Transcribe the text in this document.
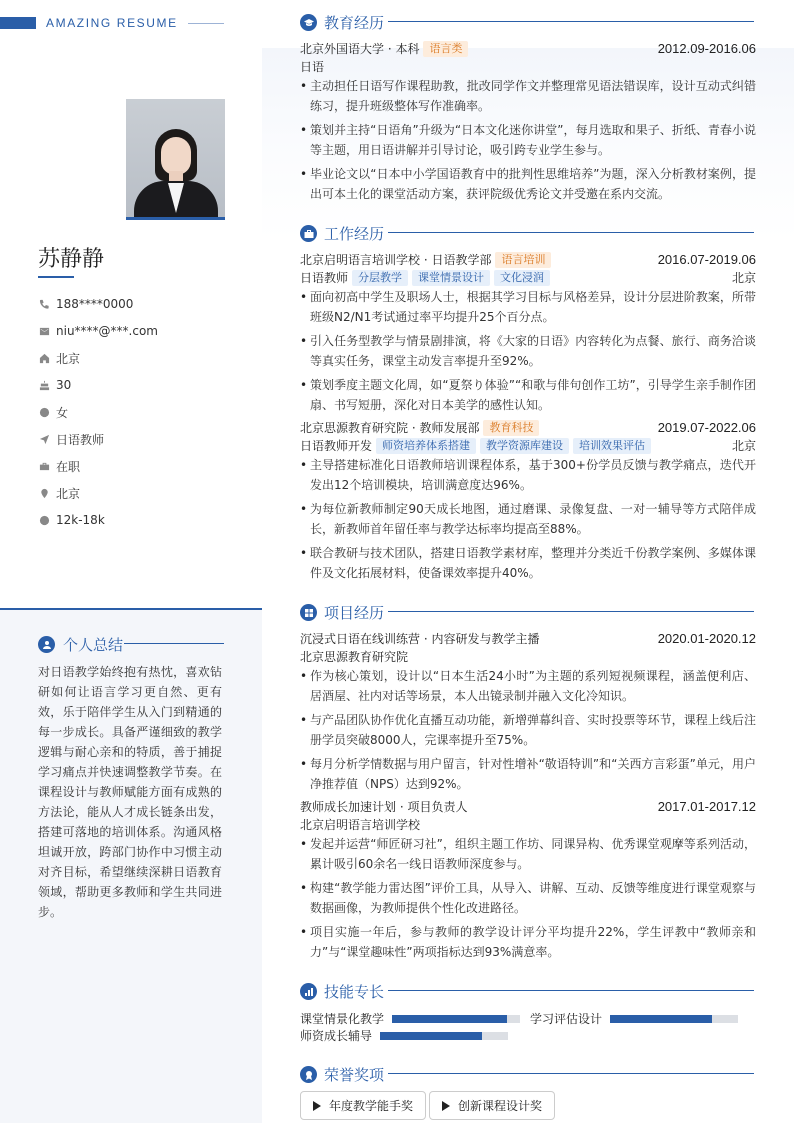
AMAZING RESUME
苏静静
188****0000
niu****@***.com
北京
30
女
日语教师
在职
北京
12k-18k
个人总结
对日语教学始终抱有热忱，喜欢钻研如何让语言学习更自然、更有效，乐于陪伴学生从入门到精通的每一步成长。具备严谨细致的教学逻辑与耐心亲和的特质，善于捕捉学习痛点并快速调整教学节奏。在课程设计与教师赋能方面有成熟的方法论，能从人才成长链条出发，搭建可落地的培训体系。沟通风格坦诚开放，跨部门协作中习惯主动对齐目标，希望继续深耕日语教育领域，帮助更多教师和学生共同进步。
教育经历
北京外国语大学 · 本科 语言类	2012.09-2016.06
日语
• 主动担任日语写作课程助教，批改同学作文并整理常见语法错误库，设计互动式纠错练习，提升班级整体写作准确率。
• 策划并主持“日语角”升级为“日本文化迷你讲堂”，每月选取和果子、折纸、青春小说等主题，用日语讲解并引导讨论，吸引跨专业学生参与。
• 毕业论文以“日本中小学国语教育中的批判性思维培养”为题，深入分析教材案例，提出可本土化的课堂活动方案，获评院级优秀论文并受邀在系内交流。
工作经历
北京启明语言培训学校 · 日语教学部 语言培训	2016.07-2019.06
日语教师 分层教学	课堂情景设计	文化浸润	北京
• 面向初高中学生及职场人士，根据其学习目标与风格差异，设计分层进阶教案，所带班级N2/N1考试通过率平均提升25个百分点。
• 引入任务型教学与情景剧排演，将《大家的日语》内容转化为点餐、旅行、商务洽谈等真实任务，课堂主动发言率提升至92%。
• 策划季度主题文化周，如“夏祭り体验”“和歌与俳句创作工坊”，引导学生亲手制作团扇、书写短册，深化对日本美学的感性认知。
北京思源教育研究院 · 教师发展部 教育科技	2019.07-2022.06
日语教师开发 师资培养体系搭建	教学资源库建设	培训效果评估	北京
• 主导搭建标准化日语教师培训课程体系，基于300+份学员反馈与教学痛点，迭代开发出12个培训模块，培训满意度达96%。
• 为每位新教师制定90天成长地图，通过磨课、录像复盘、一对一辅导等方式陪伴成长，新教师首年留任率与教学达标率均提高至88%。
• 联合教研与技术团队，搭建日语教学素材库，整理并分类近千份教学案例、多媒体课件及文化拓展材料，使备课效率提升40%。
项目经历
沉浸式日语在线训练营 · 内容研发与教学主播	2020.01-2020.12
北京思源教育研究院
• 作为核心策划，设计以“日本生活24小时”为主题的系列短视频课程，涵盖便利店、居酒屋、社内对话等场景，本人出镜录制并融入文化冷知识。
• 与产品团队协作优化直播互动功能，新增弹幕纠音、实时投票等环节，课程上线后注册学员突破8000人，完课率提升至75%。
• 每月分析学情数据与用户留言，针对性增补“敬语特训”和“关西方言彩蛋”单元，用户净推荐值（NPS）达到92%。
教师成长加速计划 · 项目负责人	2017.01-2017.12
北京启明语言培训学校
• 发起并运营“师匠研习社”，组织主题工作坊、同课异构、优秀课堂观摩等系列活动，累计吸引60余名一线日语教师深度参与。
• 构建“教学能力雷达图”评价工具，从导入、讲解、互动、反馈等维度进行课堂观察与数据画像，为教师提供个性化改进路径。
• 项目实施一年后，参与教师的教学设计评分平均提升22%，学生评教中“教师亲和力”与“课堂趣味性”两项指标达到93%满意率。
技能专长
课堂情景化教学	学习评估设计
师资成长辅导
荣誉奖项
年度教学能手奖	创新课程设计奖
